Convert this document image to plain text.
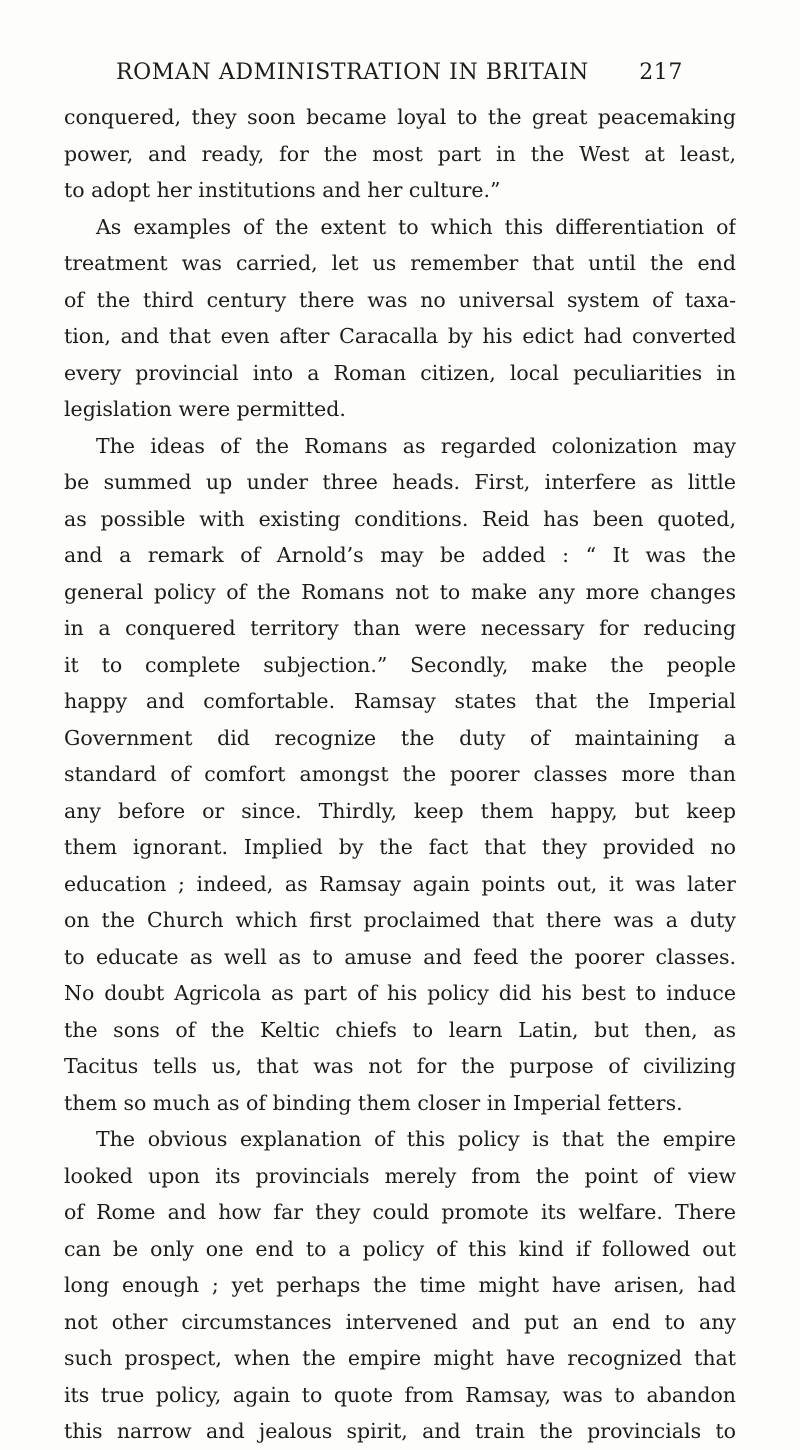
ROMAN ADMINISTRATION IN BRITAIN 217
conquered, they soon became loyal to the great peacemaking
power, and ready, for the most part in the West at least,
to adopt her institutions and her culture.”
As examples of the extent to which this differentiation of
treatment was carried, let us remember that until the end
of the third century there was no universal system of taxa-
tion, and that even after Caracalla by his edict had converted
every provincial into a Roman citizen, local peculiarities in
legislation were permitted.
The ideas of the Romans as regarded colonization may
be summed up under three heads. First, interfere as little
as possible with existing conditions. Reid has been quoted,
and a remark of Arnold’s may be added : “ It was the
general policy of the Romans not to make any more changes
in a conquered territory than were necessary for reducing
it to complete subjection.” Secondly, make the people
happy and comfortable. Ramsay states that the Imperial
Government did recognize the duty of maintaining a
standard of comfort amongst the poorer classes more than
any before or since. Thirdly, keep them happy, but keep
them ignorant. Implied by the fact that they provided no
education ; indeed, as Ramsay again points out, it was later
on the Church which first proclaimed that there was a duty
to educate as well as to amuse and feed the poorer classes.
No doubt Agricola as part of his policy did his best to induce
the sons of the Keltic chiefs to learn Latin, but then, as
Tacitus tells us, that was not for the purpose of civilizing
them so much as of binding them closer in Imperial fetters.
The obvious explanation of this policy is that the empire
looked upon its provincials merely from the point of view
of Rome and how far they could promote its welfare. There
can be only one end to a policy of this kind if followed out
long enough ; yet perhaps the time might have arisen, had
not other circumstances intervened and put an end to any
such prospect, when the empire might have recognized that
its true policy, again to quote from Ramsay, was to abandon
this narrow and jealous spirit, and train the provincials to
